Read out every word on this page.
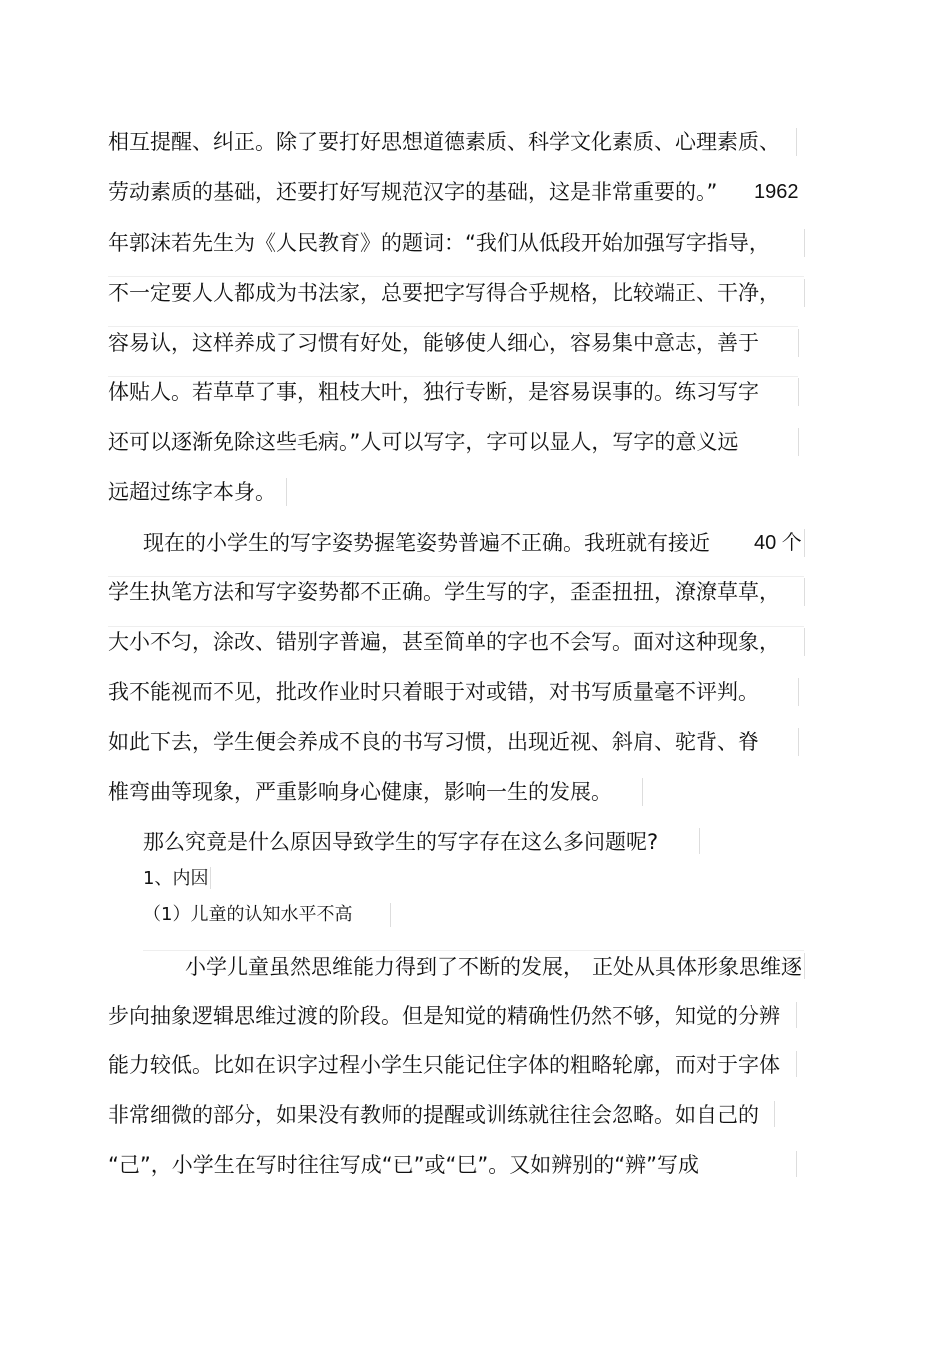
相互提醒、纠正。除了要打好思想道德素质、科学文化素质、心理素质、
劳动素质的基础，还要打好写规范汉字的基础，这是非常重要的。” 1962
年郭沫若先生为《人民教育》的题词：“我们从低段开始加强写字指导，
不一定要人人都成为书法家，总要把字写得合乎规格，比较端正、干净，
容易认，这样养成了习惯有好处，能够使人细心，容易集中意志，善于
体贴人。若草草了事，粗枝大叶，独行专断，是容易误事的。练习写字
还可以逐渐免除这些毛病。”人可以写字，字可以显人，写字的意义远
远超过练字本身。
现在的小学生的写字姿势握笔姿势普遍不正确。我班就有接近 40 个
学生执笔方法和写字姿势都不正确。学生写的字，歪歪扭扭，潦潦草草，
大小不匀，涂改、错别字普遍，甚至简单的字也不会写。面对这种现象，
我不能视而不见，批改作业时只着眼于对或错，对书写质量毫不评判。
如此下去，学生便会养成不良的书写习惯，出现近视、斜肩、驼背、脊
椎弯曲等现象，严重影响身心健康，影响一生的发展。
那么究竟是什么原因导致学生的写字存在这么多问题呢?
1、内因
（1）儿童的认知水平不高
小学儿童虽然思维能力得到了不断的发展， 正处从具体形象思维逐
步向抽象逻辑思维过渡的阶段。但是知觉的精确性仍然不够，知觉的分辨
能力较低。比如在识字过程小学生只能记住字体的粗略轮廓，而对于字体
非常细微的部分，如果没有教师的提醒或训练就往往会忽略。如自己的
“己”，小学生在写时往往写成“已”或“巳”。又如辨别的“辨”写成
